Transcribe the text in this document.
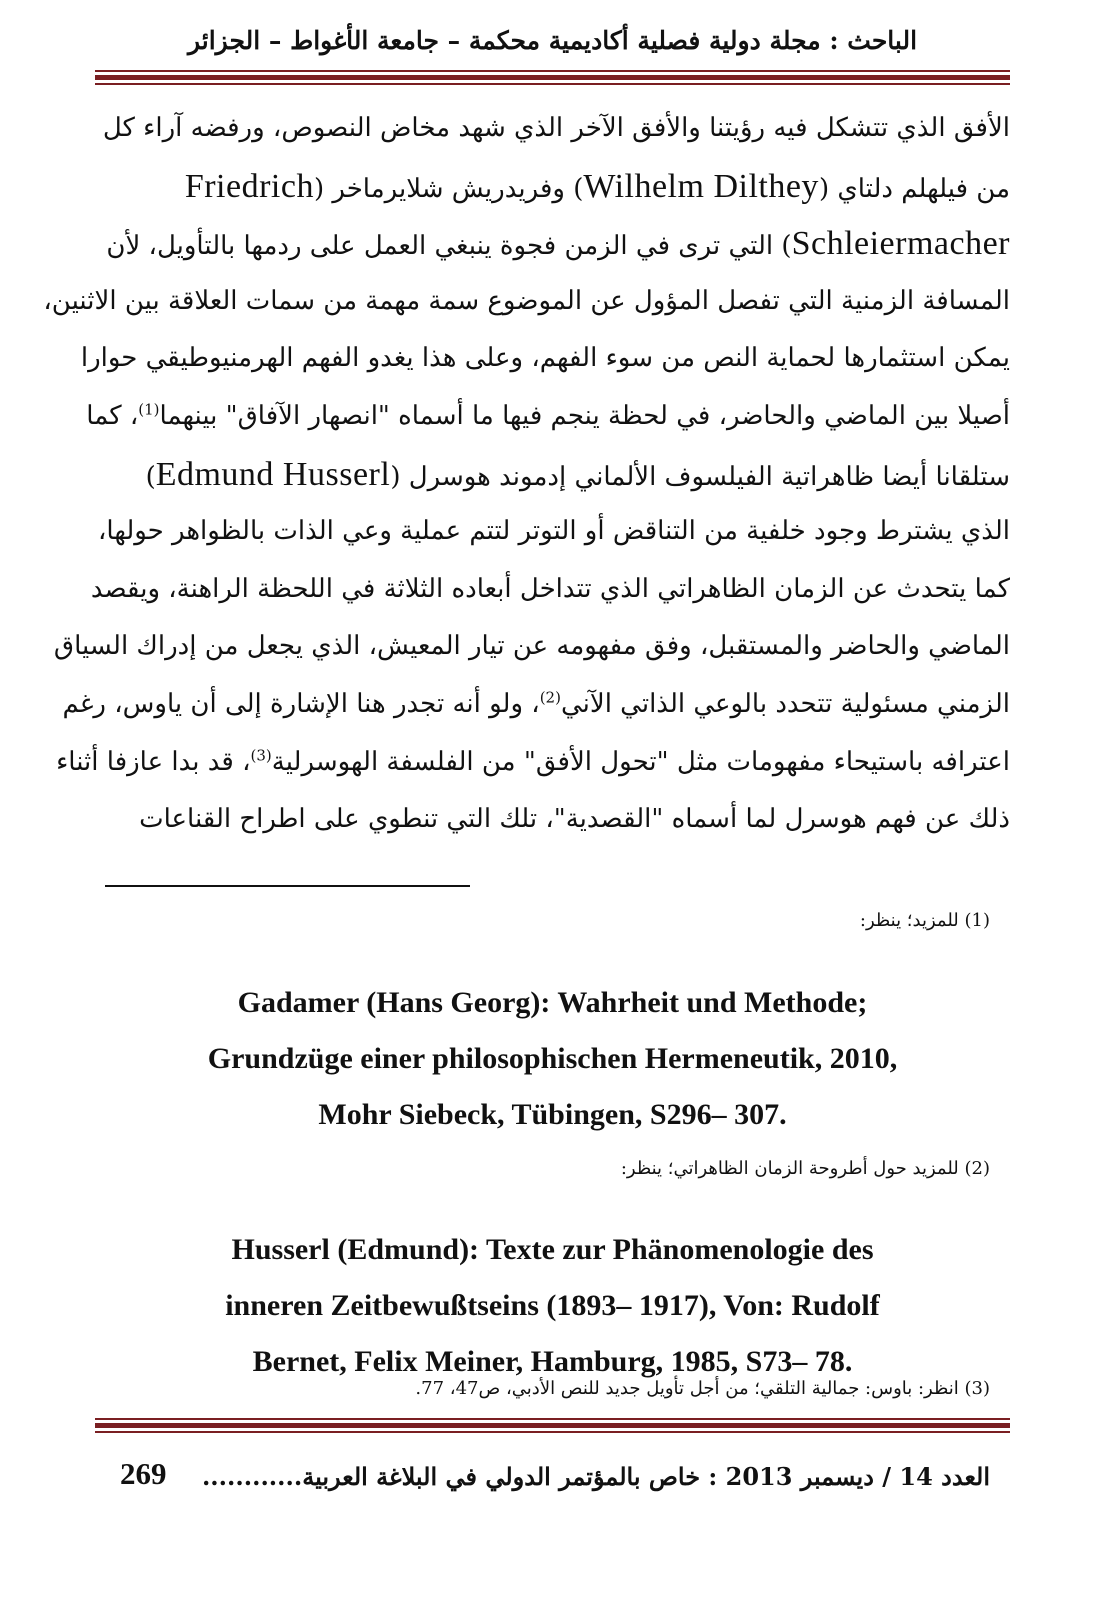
الباحث : مجلة دولية فصلية أكاديمية محكمة – جامعة الأغواط – الجزائر
الأفق الذي تتشكل فيه رؤيتنا والأفق الآخر الذي شهد مخاض النصوص، ورفضه آراء كل
من فيلهلم دلتاي (Wilhelm Dilthey) وفريدريش شلايرماخر (Friedrich
Schleiermacher) التي ترى في الزمن فجوة ينبغي العمل على ردمها بالتأويل، لأن
المسافة الزمنية التي تفصل المؤول عن الموضوع سمة مهمة من سمات العلاقة بين الاثنين،
يمكن استثمارها لحماية النص من سوء الفهم، وعلى هذا يغدو الفهم الهرمنيوطيقي حوارا
أصيلا بين الماضي والحاضر، في لحظة ينجم فيها ما أسماه "انصهار الآفاق" بينهما$^{(1)}$، كما
ستلقانا أيضا ظاهراتية الفيلسوف الألماني إدموند هوسرل (Edmund Husserl)
الذي يشترط وجود خلفية من التناقض أو التوتر لتتم عملية وعي الذات بالظواهر حولها،
كما يتحدث عن الزمان الظاهراتي الذي تتداخل أبعاده الثلاثة في اللحظة الراهنة، ويقصد
الماضي والحاضر والمستقبل، وفق مفهومه عن تيار المعيش، الذي يجعل من إدراك السياق
الزمني مسئولية تتحدد بالوعي الذاتي الآني$^{(2)}$، ولو أنه تجدر هنا الإشارة إلى أن ياوس، رغم
اعترافه باستيحاء مفهومات مثل "تحول الأفق" من الفلسفة الهوسرلية$^{(3)}$، قد بدا عازفا أثناء
ذلك عن فهم هوسرل لما أسماه "القصدية"، تلك التي تنطوي على اطراح القناعات
(1) للمزيد؛ ينظر:
Gadamer (Hans Georg): Wahrheit und Methode;
Grundzüge einer philosophischen Hermeneutik, 2010,
Mohr Siebeck, Tübingen, S296– 307.
(2) للمزيد حول أطروحة الزمان الظاهراتي؛ ينظر:
Husserl (Edmund): Texte zur Phänomenologie des
inneren Zeitbewußtseins (1893– 1917), Von: Rudolf
Bernet, Felix Meiner, Hamburg, 1985, S73– 78.
(3) انظر: باوس: جمالية التلقي؛ من أجل تأويل جديد للنص الأدبي، ص47، 77.
269 العدد 14 / ديسمبر 2013 : خاص بالمؤتمر الدولي في البلاغة العربية............
